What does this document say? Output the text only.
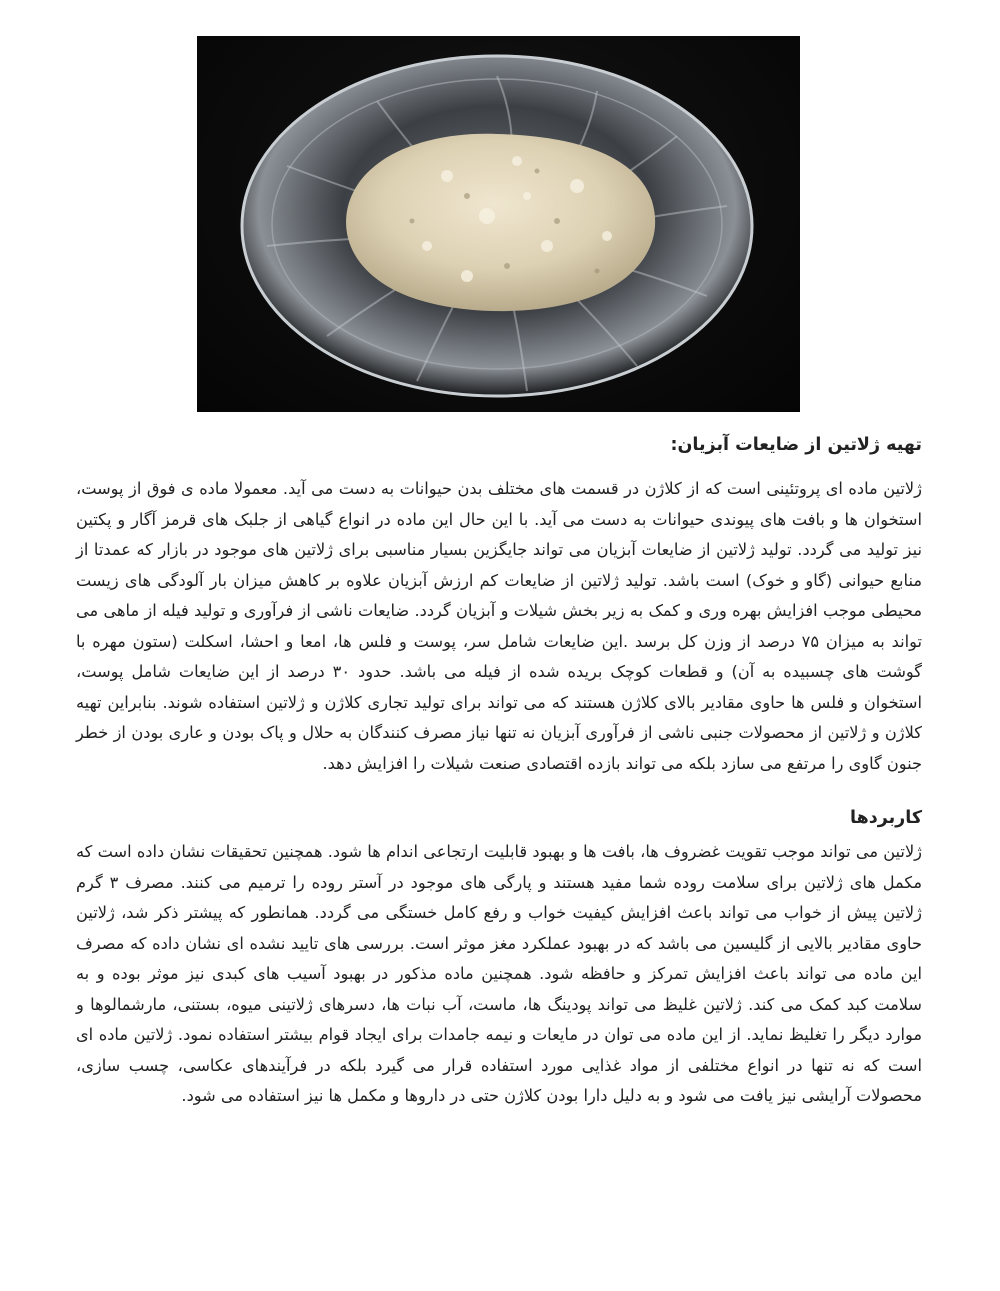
تهیه ژلاتین از ضایعات آبزیان:

ژلاتین ماده ای پروتئینی است که از کلاژن در قسمت های مختلف بدن حیوانات به دست می آید. معمولا ماده ی فوق از پوست، استخوان ها و بافت های پیوندی حیوانات به دست می آید. با این حال این ماده در انواع گیاهی از جلبک های قرمز آگار و پکتین نیز تولید می گردد. تولید ژلاتین از ضایعات آبزیان می تواند جایگزین بسیار مناسبی برای ژلاتین های موجود در بازار که عمدتا از منابع حیوانی (گاو و خوک) است باشد. تولید ژلاتین از ضایعات کم ارزش آبزیان علاوه بر کاهش میزان بار آلودگی های زیست محیطی موجب افزایش بهره وری و کمک به زیر بخش شیلات و آبزیان گردد. ضایعات ناشی از فرآوری و تولید فیله از ماهی می تواند به میزان ۷۵ درصد از وزن کل برسد .این ضایعات شامل سر، پوست و فلس ها، امعا و احشا، اسکلت (ستون مهره با گوشت های چسبیده به آن) و قطعات کوچک بریده شده از فیله می باشد. حدود ۳۰ درصد از این ضایعات شامل پوست، استخوان و فلس ها حاوی مقادیر بالای کلاژن هستند که می تواند برای تولید تجاری کلاژن و ژلاتین استفاده شوند. بنابراین تهیه کلاژن و ژلاتین از محصولات جنبی ناشی از فرآوری آبزیان نه تنها نیاز مصرف کنندگان به حلال و پاک بودن و عاری بودن از خطر جنون گاوی را مرتفع می سازد بلکه می تواند بازده اقتصادی صنعت شیلات را افزایش دهد.

کاربردها

ژلاتین می تواند موجب تقویت غضروف ها، بافت ها و بهبود قابلیت ارتجاعی اندام ها شود. همچنین تحقیقات نشان داده است که مکمل های ژلاتین برای سلامت روده شما مفید هستند و پارگی های موجود در آستر روده را ترمیم می کنند. مصرف ۳ گرم ژلاتین پیش از خواب می تواند باعث افزایش کیفیت خواب و رفع کامل خستگی می گردد. همانطور که پیشتر ذکر شد، ژلاتین حاوی مقادیر بالایی از گلیسین می باشد که در بهبود عملکرد مغز موثر است. بررسی های تایید نشده ای نشان داده که مصرف این ماده می تواند باعث افزایش تمرکز و حافظه شود. همچنین ماده مذکور در بهبود آسیب های کبدی نیز موثر بوده و به سلامت کبد کمک می کند. ژلاتین غلیظ می تواند پودینگ ها، ماست، آب نبات ها، دسرهای ژلاتینی میوه، بستنی، مارشمالوها و موارد دیگر را تغلیظ نماید. از این ماده می توان در مایعات و نیمه جامدات برای ایجاد قوام بیشتر استفاده نمود. ژلاتین ماده ای است که نه تنها در انواع مختلفی از مواد غذایی مورد استفاده قرار می گیرد بلکه در فرآیندهای عکاسی، چسب سازی، محصولات آرایشی نیز یافت می شود و به دلیل دارا بودن کلاژن حتی در داروها و مکمل ها نیز استفاده می شود.
